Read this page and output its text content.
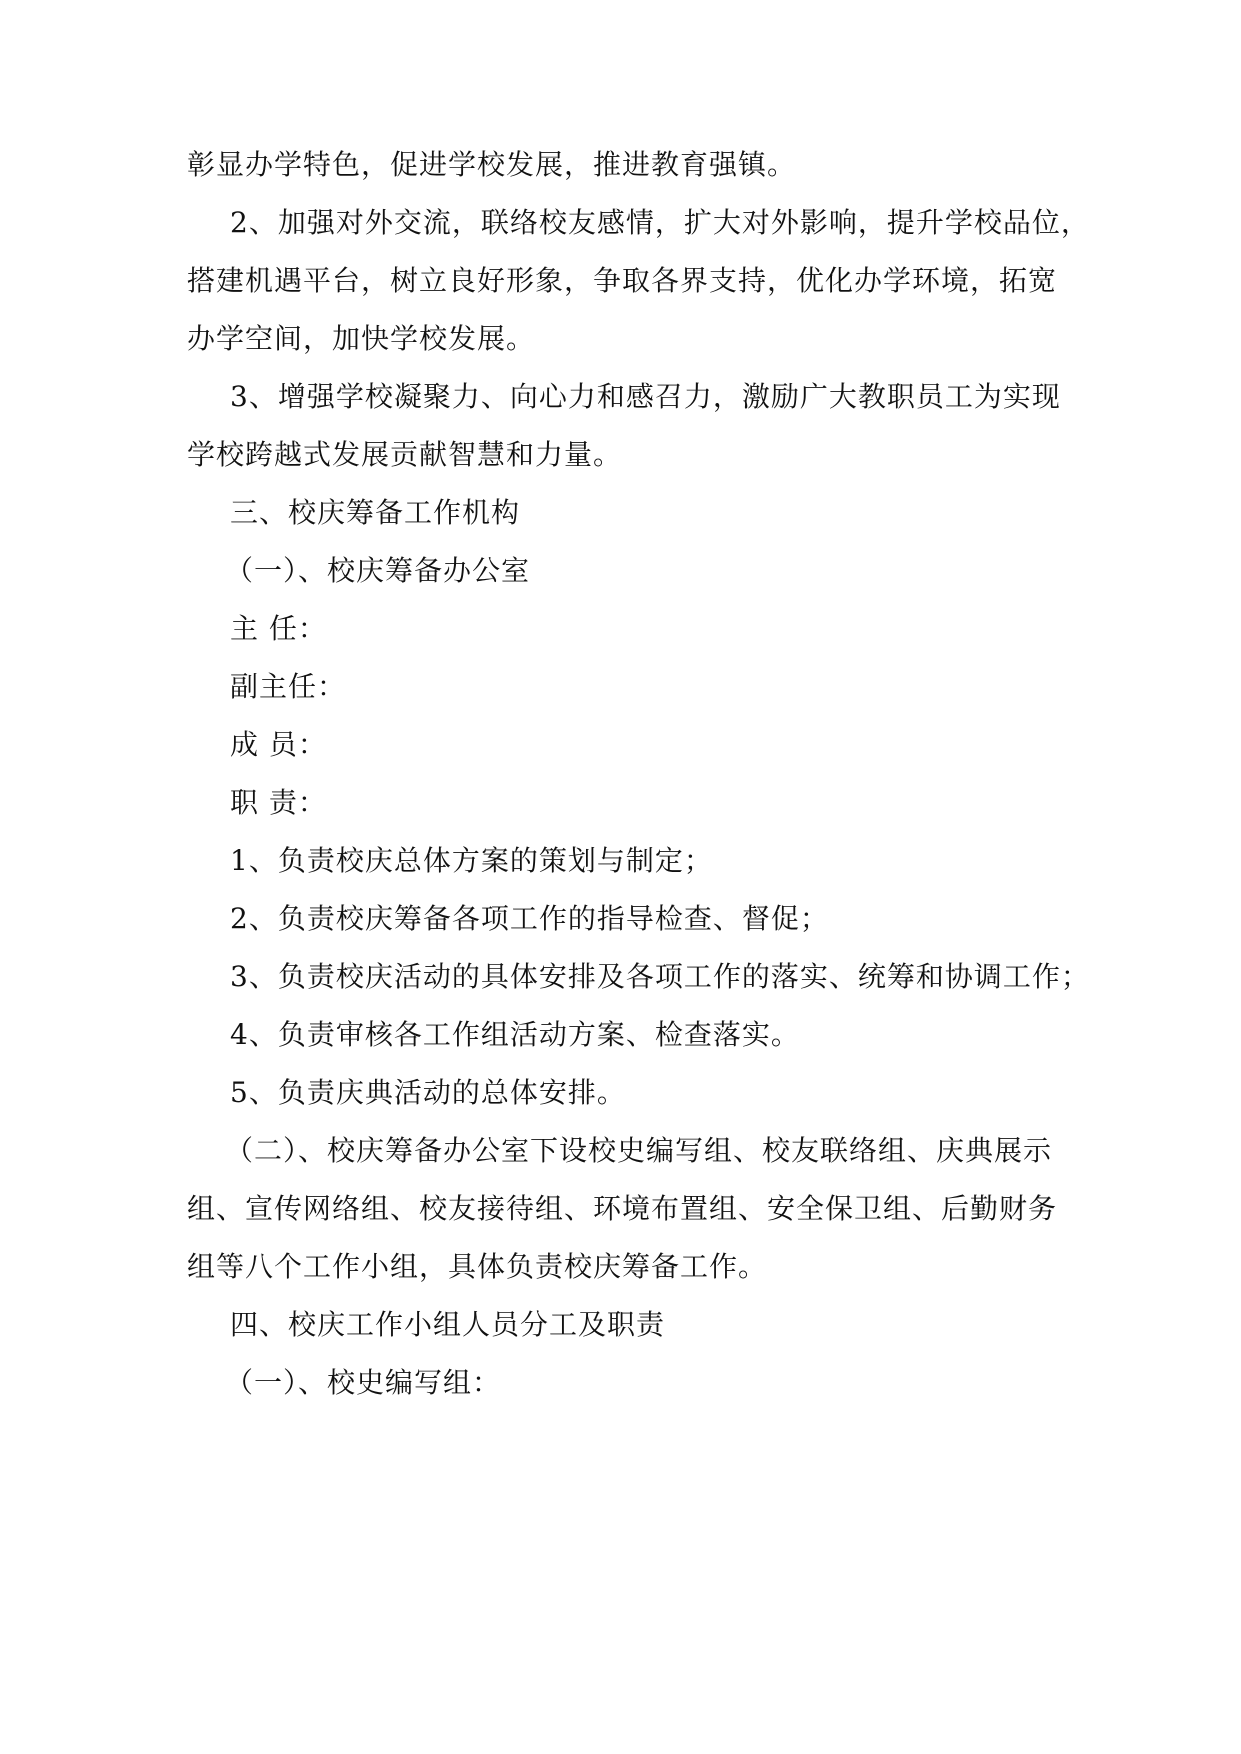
彰显办学特色，促进学校发展，推进教育强镇。
2、加强对外交流，联络校友感情，扩大对外影响，提升学校品位，
搭建机遇平台，树立良好形象，争取各界支持，优化办学环境，拓宽
办学空间，加快学校发展。
3、增强学校凝聚力、向心力和感召力，激励广大教职员工为实现
学校跨越式发展贡献智慧和力量。
三、校庆筹备工作机构
（一）、校庆筹备办公室
主 任：
副主任：
成 员：
职 责：
1、负责校庆总体方案的策划与制定；
2、负责校庆筹备各项工作的指导检查、督促；
3、负责校庆活动的具体安排及各项工作的落实、统筹和协调工作；
4、负责审核各工作组活动方案、检查落实。
5、负责庆典活动的总体安排。
（二）、校庆筹备办公室下设校史编写组、校友联络组、庆典展示
组、宣传网络组、校友接待组、环境布置组、安全保卫组、后勤财务
组等八个工作小组，具体负责校庆筹备工作。
四、校庆工作小组人员分工及职责
（一）、校史编写组：
